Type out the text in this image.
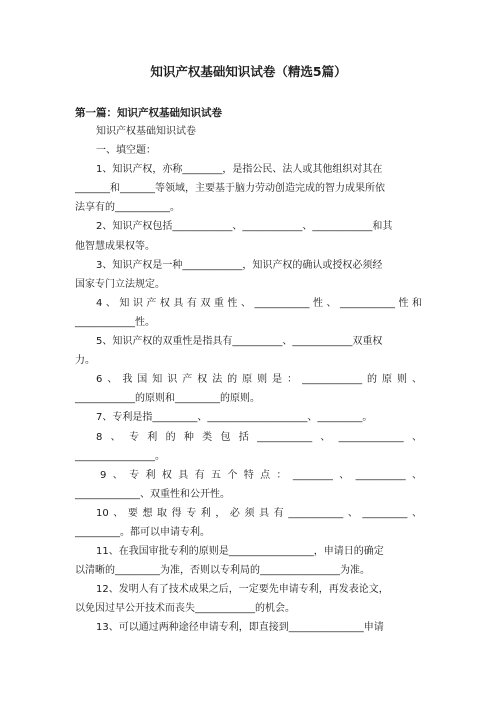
知识产权基础知识试卷（精选5篇）
第一篇：知识产权基础知识试卷

知识产权基础知识试卷

一、填空题：

1、知识产权，亦称________，是指公民、法人或其他组织对其在

_______和_______等领域，主要基于脑力劳动创造完成的智力成果所依

法享有的___________。

2、知识产权包括____________、____________、____________和其

他智慧成果权等。

3、知识产权是一种____________，知识产权的确认或授权必须经

国家专门立法规定。

4、知识产权具有双重性、___________性、___________性和

____________性。

5、知识产权的双重性是指具有__________、____________双重权

力。

6、我国知识产权法的原则是：____________的原则、

____________的原则和_________的原则。

7、专利是指_________、____________________、_________。

8、专利的种类包括___________、_____________、

________________。

9、专利权具有五个特点：________、__________、

_____________、双重性和公开性。

10、要想取得专利，必须具有___________、_________、

_________。都可以申请专利。

11、在我国审批专利的原则是_________________，申请日的确定

以清晰的_________为准，否则以专利局的________________为准。

12、发明人有了技术成果之后，一定要先申请专利，再发表论文，

以免因过早公开技术而丧失____________的机会。

13、可以通过两种途径申请专利，即直接到_______________申请
